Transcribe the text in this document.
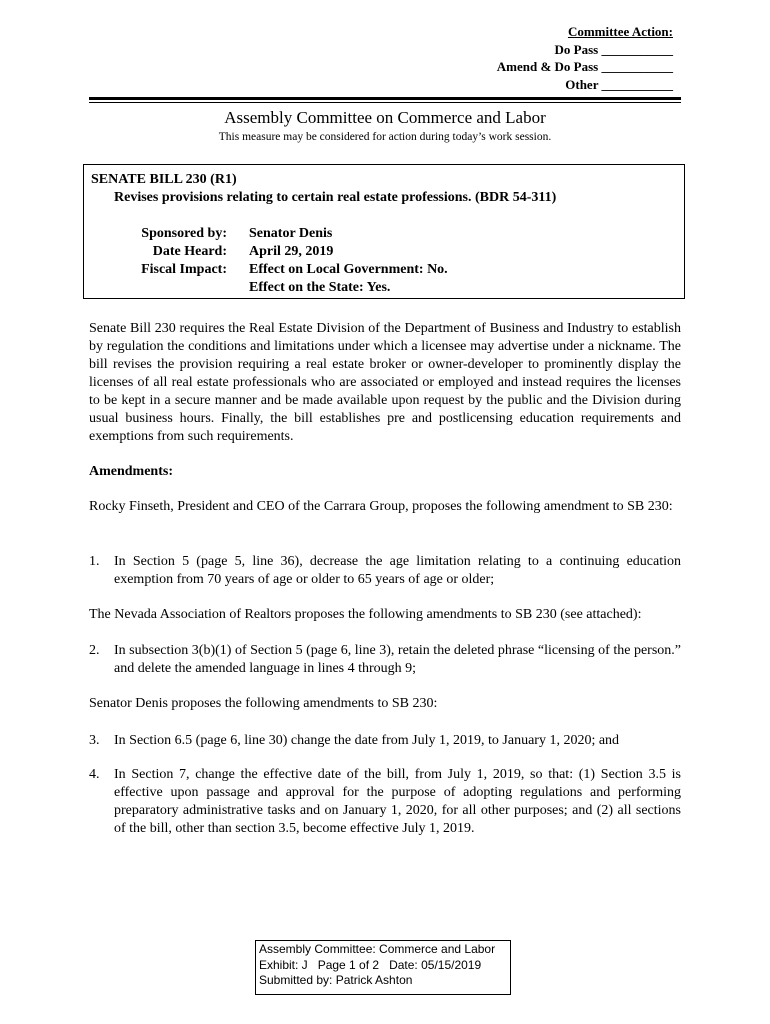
Committee Action:
Do Pass ___________
Amend & Do Pass ___________
Other ___________
Assembly Committee on Commerce and Labor
This measure may be considered for action during today’s work session.
SENATE BILL 230 (R1)
Revises provisions relating to certain real estate professions. (BDR 54-311)
Sponsored by:
Date Heard:
Fiscal Impact:
Senator Denis
April 29, 2019
Effect on Local Government: No.
Effect on the State: Yes.
Senate Bill 230 requires the Real Estate Division of the Department of Business and Industry to establish by regulation the conditions and limitations under which a licensee may advertise under a nickname. The bill revises the provision requiring a real estate broker or owner-developer to prominently display the licenses of all real estate professionals who are associated or employed and instead requires the licenses to be kept in a secure manner and be made available upon request by the public and the Division during usual business hours. Finally, the bill establishes pre and postlicensing education requirements and exemptions from such requirements.
Amendments:
Rocky Finseth, President and CEO of the Carrara Group, proposes the following amendment to SB 230:
1. In Section 5 (page 5, line 36), decrease the age limitation relating to a continuing education exemption from 70 years of age or older to 65 years of age or older;
The Nevada Association of Realtors proposes the following amendments to SB 230 (see attached):
2. In subsection 3(b)(1) of Section 5 (page 6, line 3), retain the deleted phrase “licensing of the person.” and delete the amended language in lines 4 through 9;
Senator Denis proposes the following amendments to SB 230:
3. In Section 6.5 (page 6, line 30) change the date from July 1, 2019, to January 1, 2020; and
4. In Section 7, change the effective date of the bill, from July 1, 2019, so that: (1) Section 3.5 is effective upon passage and approval for the purpose of adopting regulations and performing preparatory administrative tasks and on January 1, 2020, for all other purposes; and (2) all sections of the bill, other than section 3.5, become effective July 1, 2019.
Assembly Committee: Commerce and Labor
Exhibit: J Page 1 of 2 Date: 05/15/2019
Submitted by: Patrick Ashton
